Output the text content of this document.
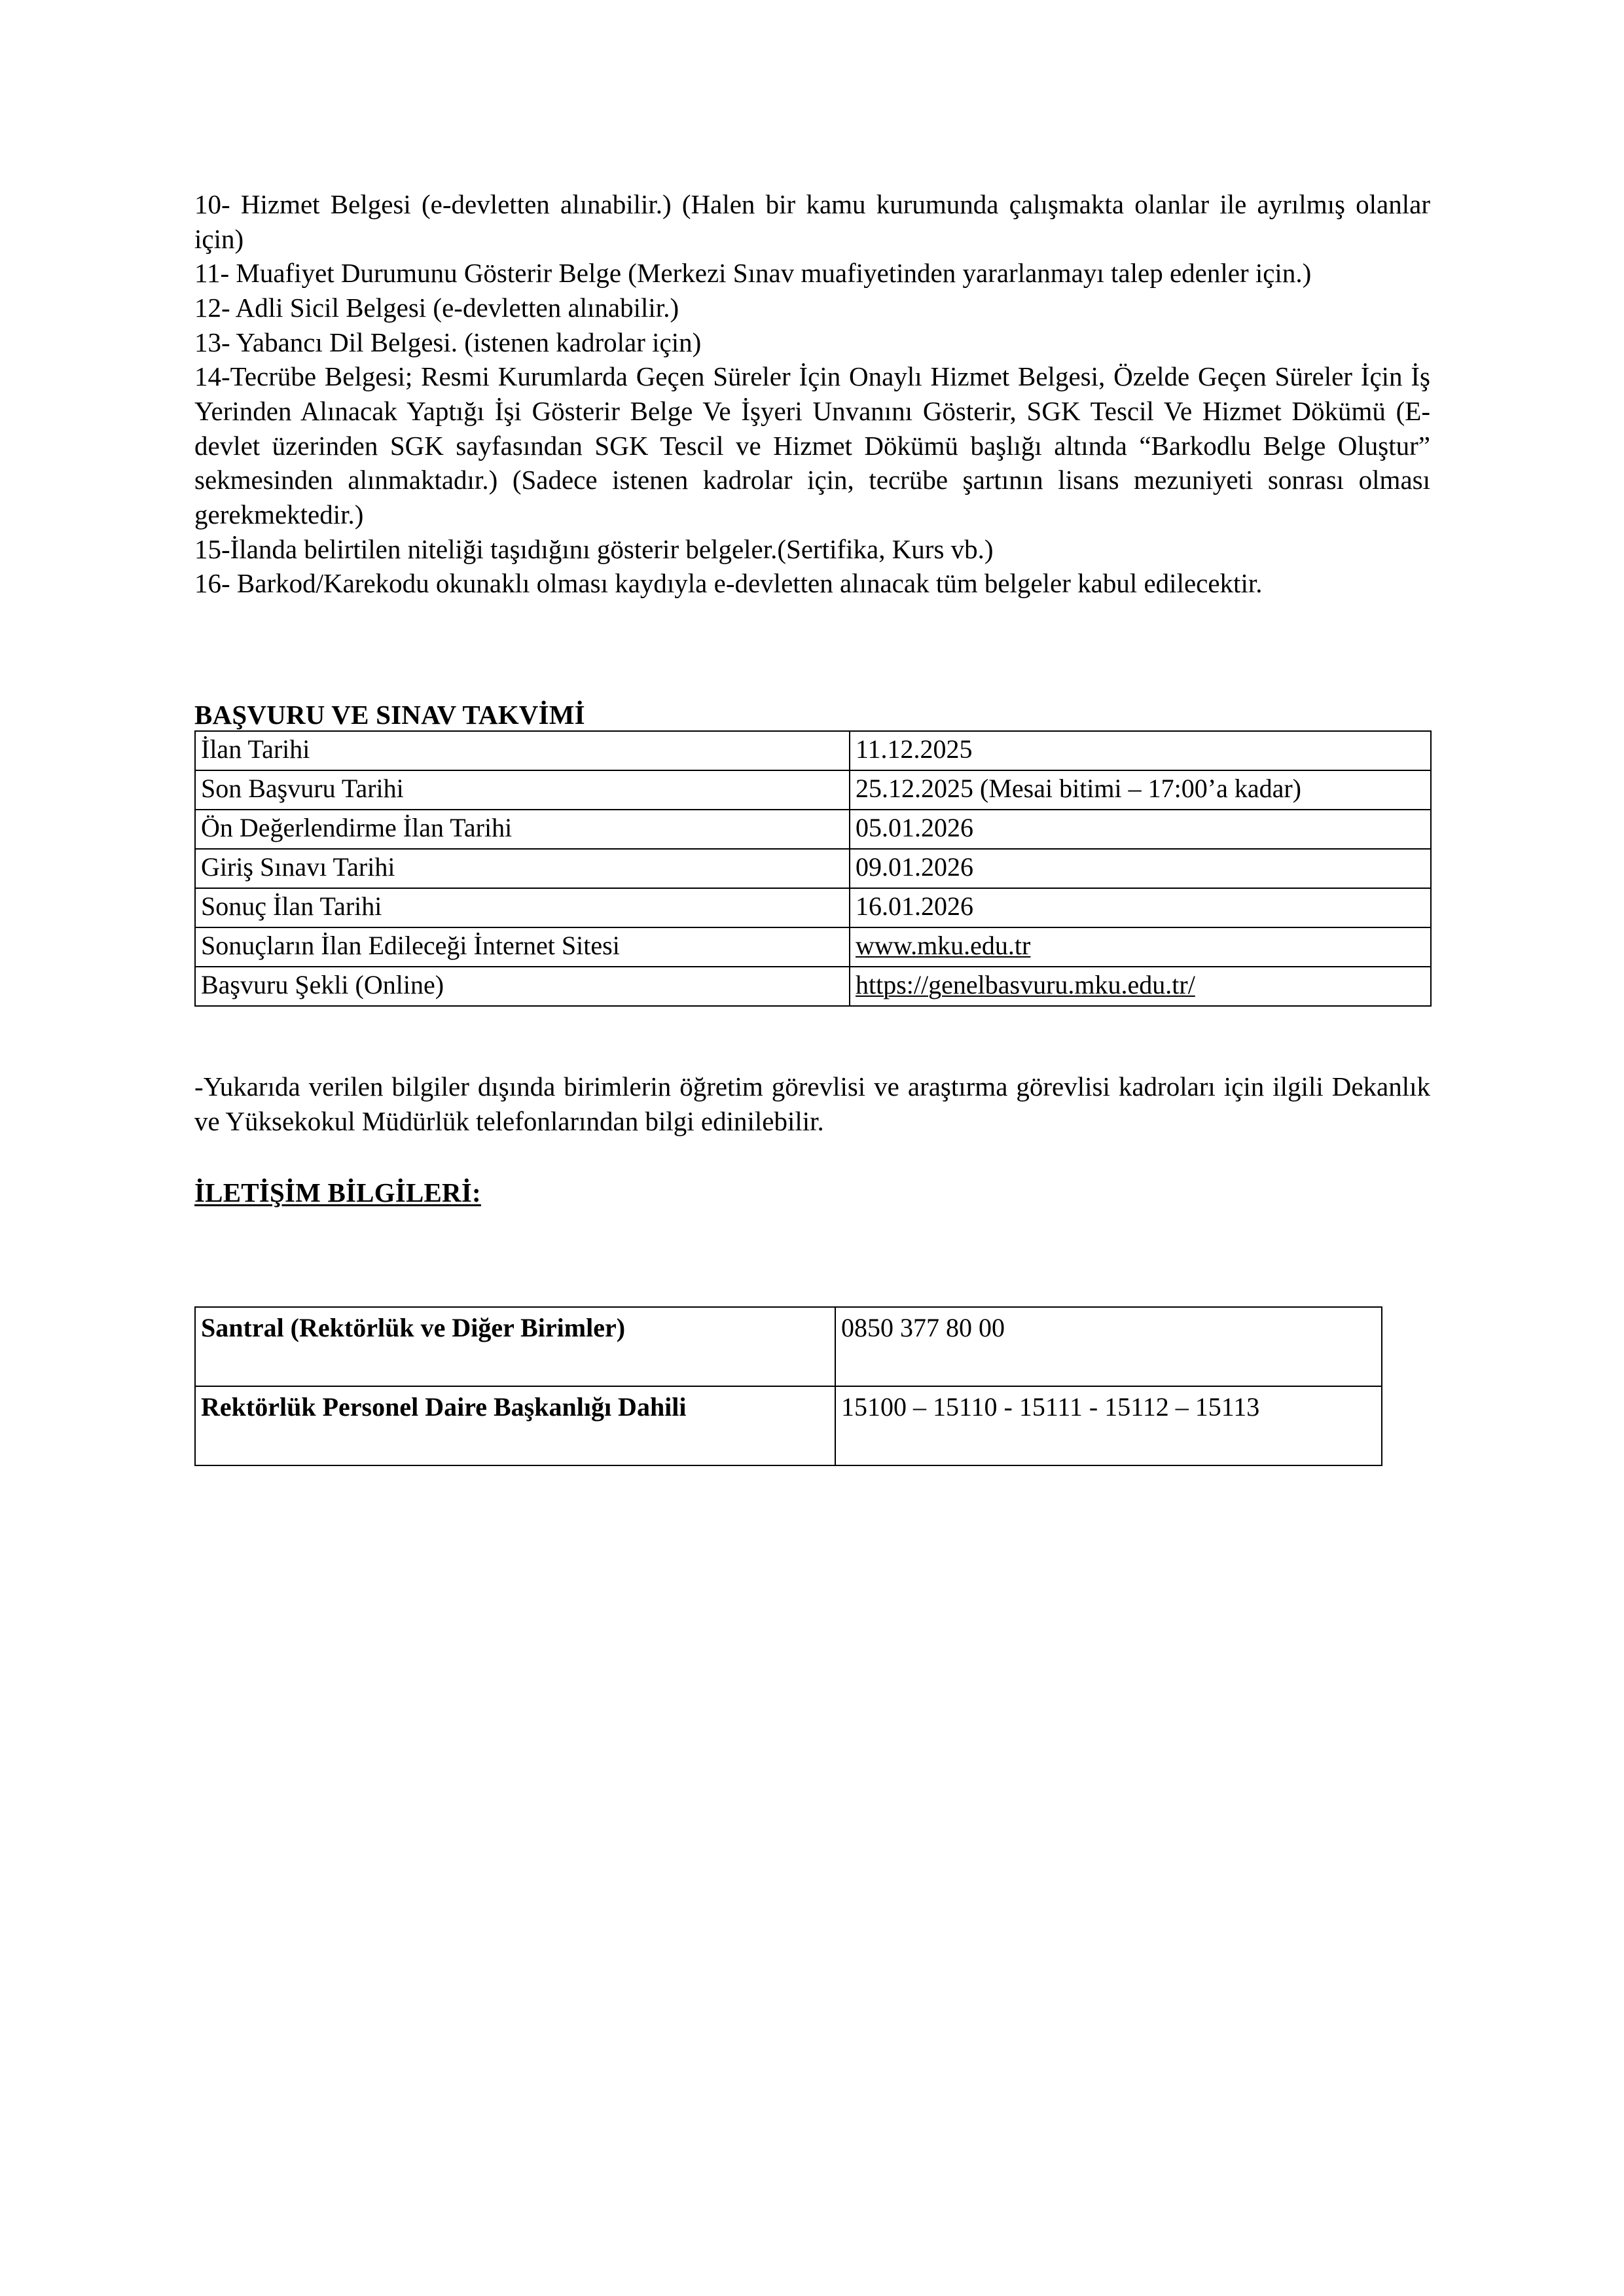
10- Hizmet Belgesi (e-devletten alınabilir.) (Halen bir kamu kurumunda çalışmakta olanlar ile ayrılmış olanlar için)

11- Muafiyet Durumunu Gösterir Belge (Merkezi Sınav muafiyetinden yararlanmayı talep edenler için.)

12- Adli Sicil Belgesi (e-devletten alınabilir.)

13- Yabancı Dil Belgesi. (istenen kadrolar için)

14-Tecrübe Belgesi; Resmi Kurumlarda Geçen Süreler İçin Onaylı Hizmet Belgesi, Özelde Geçen Süreler İçin İş Yerinden Alınacak Yaptığı İşi Gösterir Belge Ve İşyeri Unvanını Gösterir, SGK Tescil Ve Hizmet Dökümü (E-devlet üzerinden SGK sayfasından SGK Tescil ve Hizmet Dökümü başlığı altında “Barkodlu Belge Oluştur” sekmesinden alınmaktadır.) (Sadece istenen kadrolar için, tecrübe şartının lisans mezuniyeti sonrası olması gerekmektedir.)

15-İlanda belirtilen niteliği taşıdığını gösterir belgeler.(Sertifika, Kurs vb.)

16- Barkod/Karekodu okunaklı olması kaydıyla e-devletten alınacak tüm belgeler kabul edilecektir.

BAŞVURU VE SINAV TAKVİMİ
İlan Tarihi	11.12.2025
Son Başvuru Tarihi	25.12.2025 (Mesai bitimi – 17:00’a kadar)
Ön Değerlendirme İlan Tarihi	05.01.2026
Giriş Sınavı Tarihi	09.01.2026
Sonuç İlan Tarihi	16.01.2026
Sonuçların İlan Edileceği İnternet Sitesi	www.mku.edu.tr
Başvuru Şekli (Online)	https://genelbasvuru.mku.edu.tr/

-Yukarıda verilen bilgiler dışında birimlerin öğretim görevlisi ve araştırma görevlisi kadroları için ilgili Dekanlık ve Yüksekokul Müdürlük telefonlarından bilgi edinilebilir.

İLETİŞİM BİLGİLERİ:
Santral (Rektörlük ve Diğer Birimler)	0850 377 80 00
Rektörlük Personel Daire Başkanlığı Dahili	15100 – 15110 - 15111 - 15112 – 15113
